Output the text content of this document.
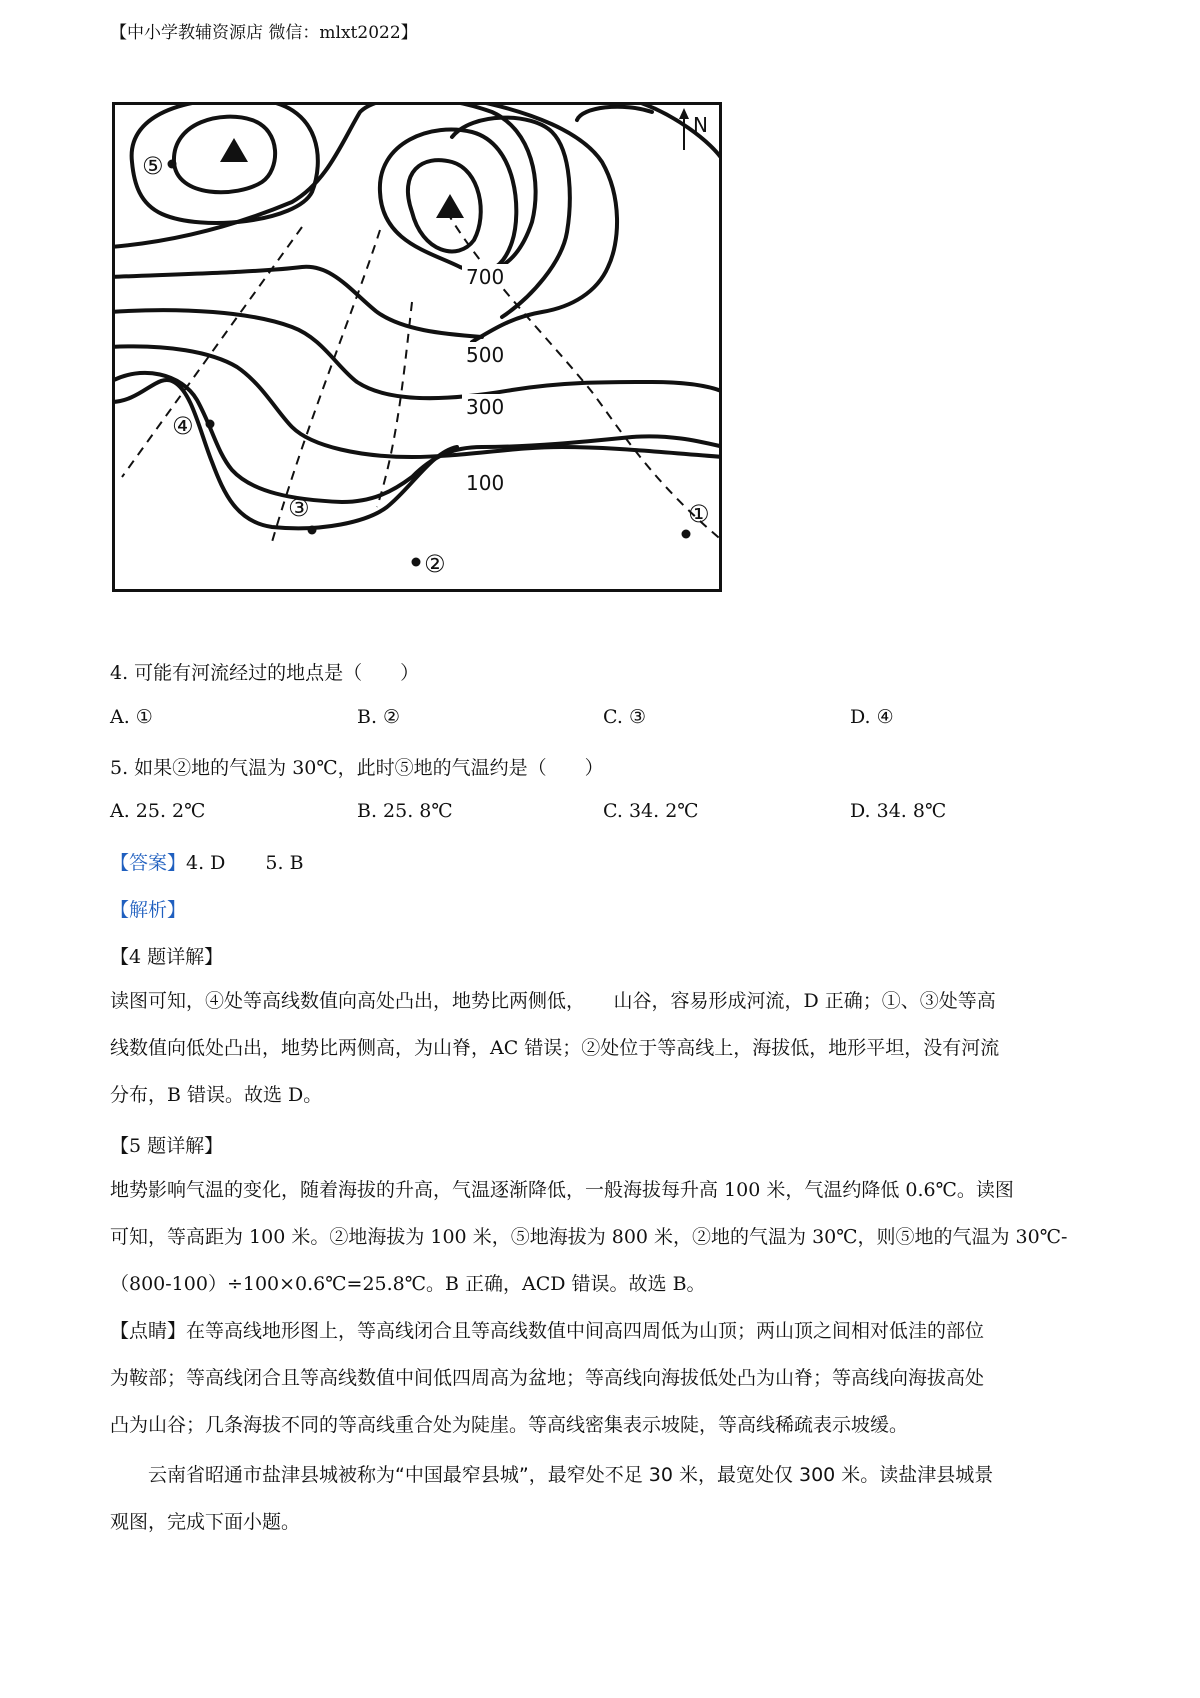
【中小学教辅资源店 微信：mlxt2022】
N
700
500
300
100
①
②
③
④
⑤
4. 可能有河流经过的地点是（　　）
A. ①	B. ②	C. ③	D. ④
5. 如果②地的气温为 30℃，此时⑤地的气温约是（　　）
A. 25. 2℃	B. 25. 8℃	C. 34. 2℃	D. 34. 8℃
【答案】4. D 5. B
【解析】
【4 题详解】
读图可知，④处等高线数值向高处凸出，地势比两侧低，　　山谷，容易形成河流，D 正确；①、③处等高
线数值向低处凸出，地势比两侧高，为山脊，AC 错误；②处位于等高线上，海拔低，地形平坦，没有河流
分布，B 错误。故选 D。
【5 题详解】
地势影响气温的变化，随着海拔的升高，气温逐渐降低，一般海拔每升高 100 米，气温约降低 0.6℃。读图
可知，等高距为 100 米。②地海拔为 100 米，⑤地海拔为 800 米，②地的气温为 30℃，则⑤地的气温为 30℃-
（800-100）÷100×0.6℃=25.8℃。B 正确，ACD 错误。故选 B。
【点睛】在等高线地形图上，等高线闭合且等高线数值中间高四周低为山顶；两山顶之间相对低洼的部位
为鞍部；等高线闭合且等高线数值中间低四周高为盆地；等高线向海拔低处凸为山脊；等高线向海拔高处
凸为山谷；几条海拔不同的等高线重合处为陡崖。等高线密集表示坡陡，等高线稀疏表示坡缓。
云南省昭通市盐津县城被称为“中国最窄县城”，最窄处不足 30 米，最宽处仅 300 米。读盐津县城景
观图，完成下面小题。
